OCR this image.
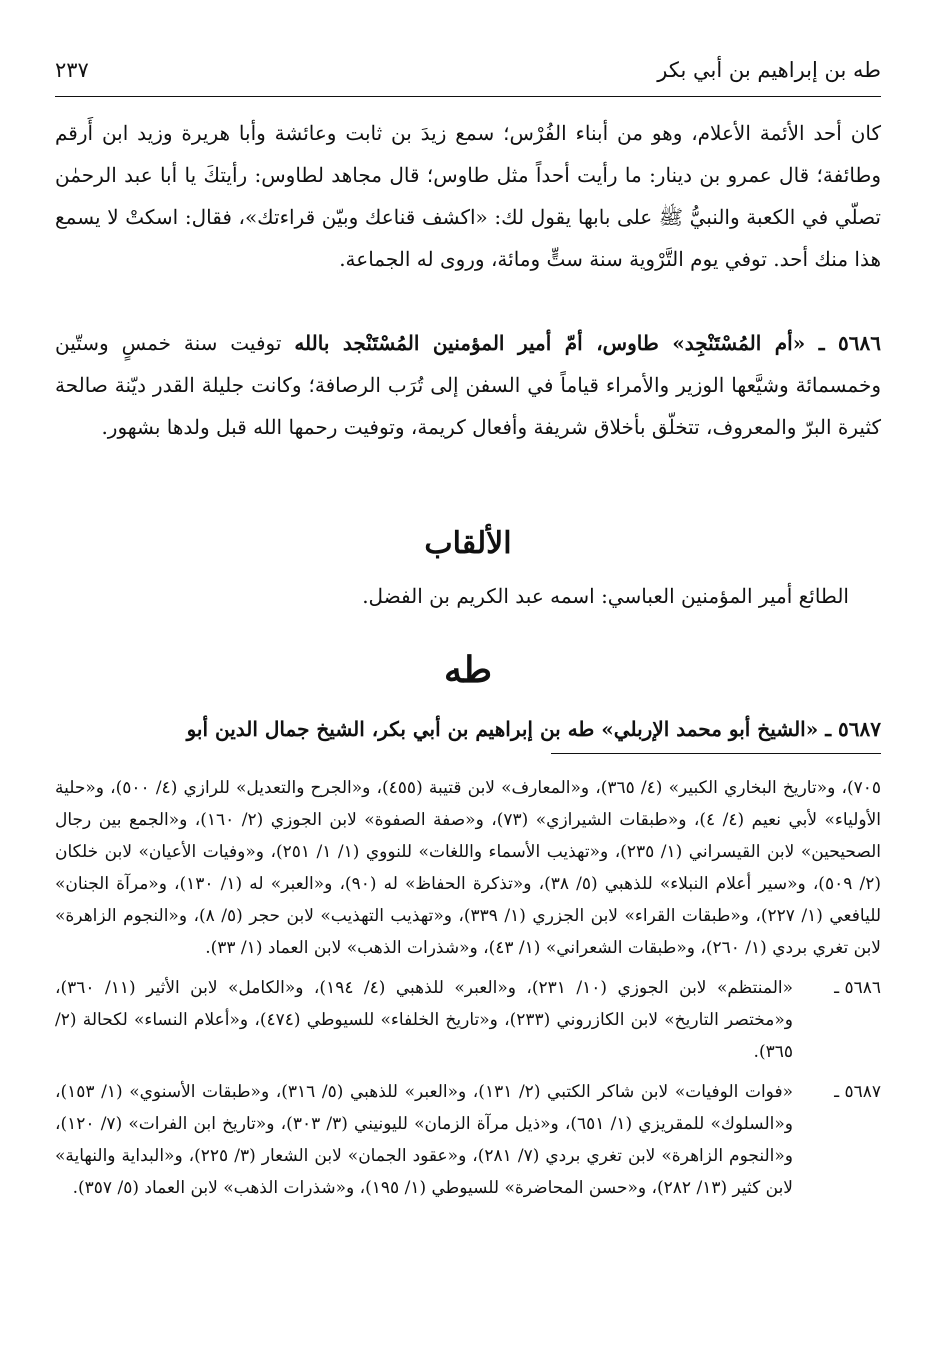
طه بن إبراهيم بن أبي بكر
٢٣٧

كان أحد الأئمة الأعلام، وهو من أبناء الفُرْس؛ سمع زيدَ بن ثابت وعائشة وأبا هريرة وزيد ابن أَرقم وطائفة؛ قال عمرو بن دينار: ما رأيت أحداً مثل طاوس؛ قال مجاهد لطاوس: رأيتكَ يا أبا عبد الرحمٰن تصلّي في الكعبة والنبيُّ ﷺ على بابها يقول لك: «اكشف قناعك وبيّن قراءتك»، فقال: اسكتْ لا يسمع هذا منك أحد. توفي يوم التَّرْوية سنة ستٍّ ومائة، وروى له الجماعة.

٥٦٨٦ ـ «أم المُسْتَنْجِد» طاوس، أمّ أمير المؤمنين المُسْتَنْجد بالله توفيت سنة خمسٍ وستّين وخمسمائة وشيَّعها الوزير والأمراء قياماً في السفن إلى تُرَب الرصافة؛ وكانت جليلة القدر ديّنة صالحة كثيرة البرّ والمعروف، تتخلّق بأخلاق شريفة وأفعال كريمة، وتوفيت رحمها الله قبل ولدها بشهور.

الألقاب

الطائع أمير المؤمنين العباسي: اسمه عبد الكريم بن الفضل.

طه

٥٦٨٧ ـ «الشيخ أبو محمد الإربلي» طه بن إبراهيم بن أبي بكر، الشيخ جمال الدين أبو

٧٠٥)، و«تاريخ البخاري الكبير» (٤/ ٣٦٥)، و«المعارف» لابن قتيبة (٤٥٥)، و«الجرح والتعديل» للرازي (٤/ ٥٠٠)، و«حلية الأولياء» لأبي نعيم (٤/ ٤)، و«طبقات الشيرازي» (٧٣)، و«صفة الصفوة» لابن الجوزي (٢/ ١٦٠)، و«الجمع بين رجال الصحيحين» لابن القيسراني (١/ ٢٣٥)، و«تهذيب الأسماء واللغات» للنووي (١/ ١/ ٢٥١)، و«وفيات الأعيان» لابن خلكان (٢/ ٥٠٩)، و«سير أعلام النبلاء» للذهبي (٥/ ٣٨)، و«تذكرة الحفاظ» له (٩٠)، و«العبر» له (١/ ١٣٠)، و«مرآة الجنان» لليافعي (١/ ٢٢٧)، و«طبقات القراء» لابن الجزري (١/ ٣٣٩)، و«تهذيب التهذيب» لابن حجر (٥/ ٨)، و«النجوم الزاهرة» لابن تغري بردي (١/ ٢٦٠)، و«طبقات الشعراني» (١/ ٤٣)، و«شذرات الذهب» لابن العماد (١/ ٣٣).

٥٦٨٦ ـ

«المنتظم» لابن الجوزي (١٠/ ٢٣١)، و«العبر» للذهبي (٤/ ١٩٤)، و«الكامل» لابن الأثير (١١/ ٣٦٠)، و«مختصر التاريخ» لابن الكازروني (٢٣٣)، و«تاريخ الخلفاء» للسيوطي (٤٧٤)، و«أعلام النساء» لكحالة (٢/ ٣٦٥).

٥٦٨٧ ـ

«فوات الوفيات» لابن شاكر الكتبي (٢/ ١٣١)، و«العبر» للذهبي (٥/ ٣١٦)، و«طبقات الأسنوي» (١/ ١٥٣)، و«السلوك» للمقريزي (١/ ٦٥١)، و«ذيل مرآة الزمان» لليونيني (٣/ ٣٠٣)، و«تاريخ ابن الفرات» (٧/ ١٢٠)، و«النجوم الزاهرة» لابن تغري بردي (٧/ ٢٨١)، و«عقود الجمان» لابن الشعار (٣/ ٢٢٥)، و«البداية والنهاية» لابن كثير (١٣/ ٢٨٢)، و«حسن المحاضرة» للسيوطي (١/ ١٩٥)، و«شذرات الذهب» لابن العماد (٥/ ٣٥٧).
